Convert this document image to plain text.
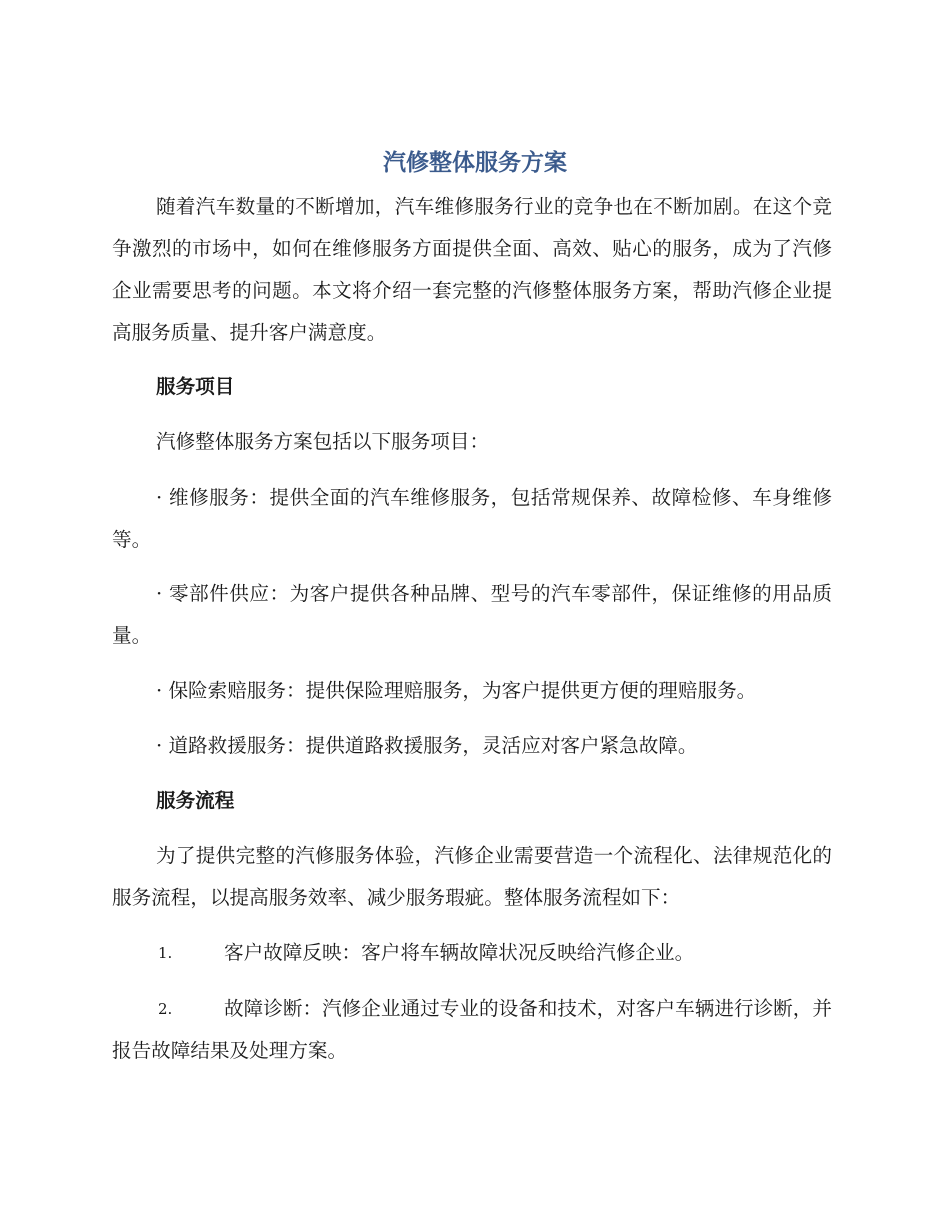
汽修整体服务方案

随着汽车数量的不断增加，汽车维修服务行业的竞争也在不断加剧。在这个竞争激烈的市场中，如何在维修服务方面提供全面、高效、贴心的服务，成为了汽修企业需要思考的问题。本文将介绍一套完整的汽修整体服务方案，帮助汽修企业提高服务质量、提升客户满意度。

服务项目

汽修整体服务方案包括以下服务项目：

· 维修服务：提供全面的汽车维修服务，包括常规保养、故障检修、车身维修等。

· 零部件供应：为客户提供各种品牌、型号的汽车零部件，保证维修的用品质量。

· 保险索赔服务：提供保险理赔服务，为客户提供更方便的理赔服务。

· 道路救援服务：提供道路救援服务，灵活应对客户紧急故障。

服务流程

为了提供完整的汽修服务体验，汽修企业需要营造一个流程化、法律规范化的服务流程，以提高服务效率、减少服务瑕疵。整体服务流程如下：

1.	客户故障反映：客户将车辆故障状况反映给汽修企业。
2.	故障诊断：汽修企业通过专业的设备和技术，对客户车辆进行诊断，并报告故障结果及处理方案。
